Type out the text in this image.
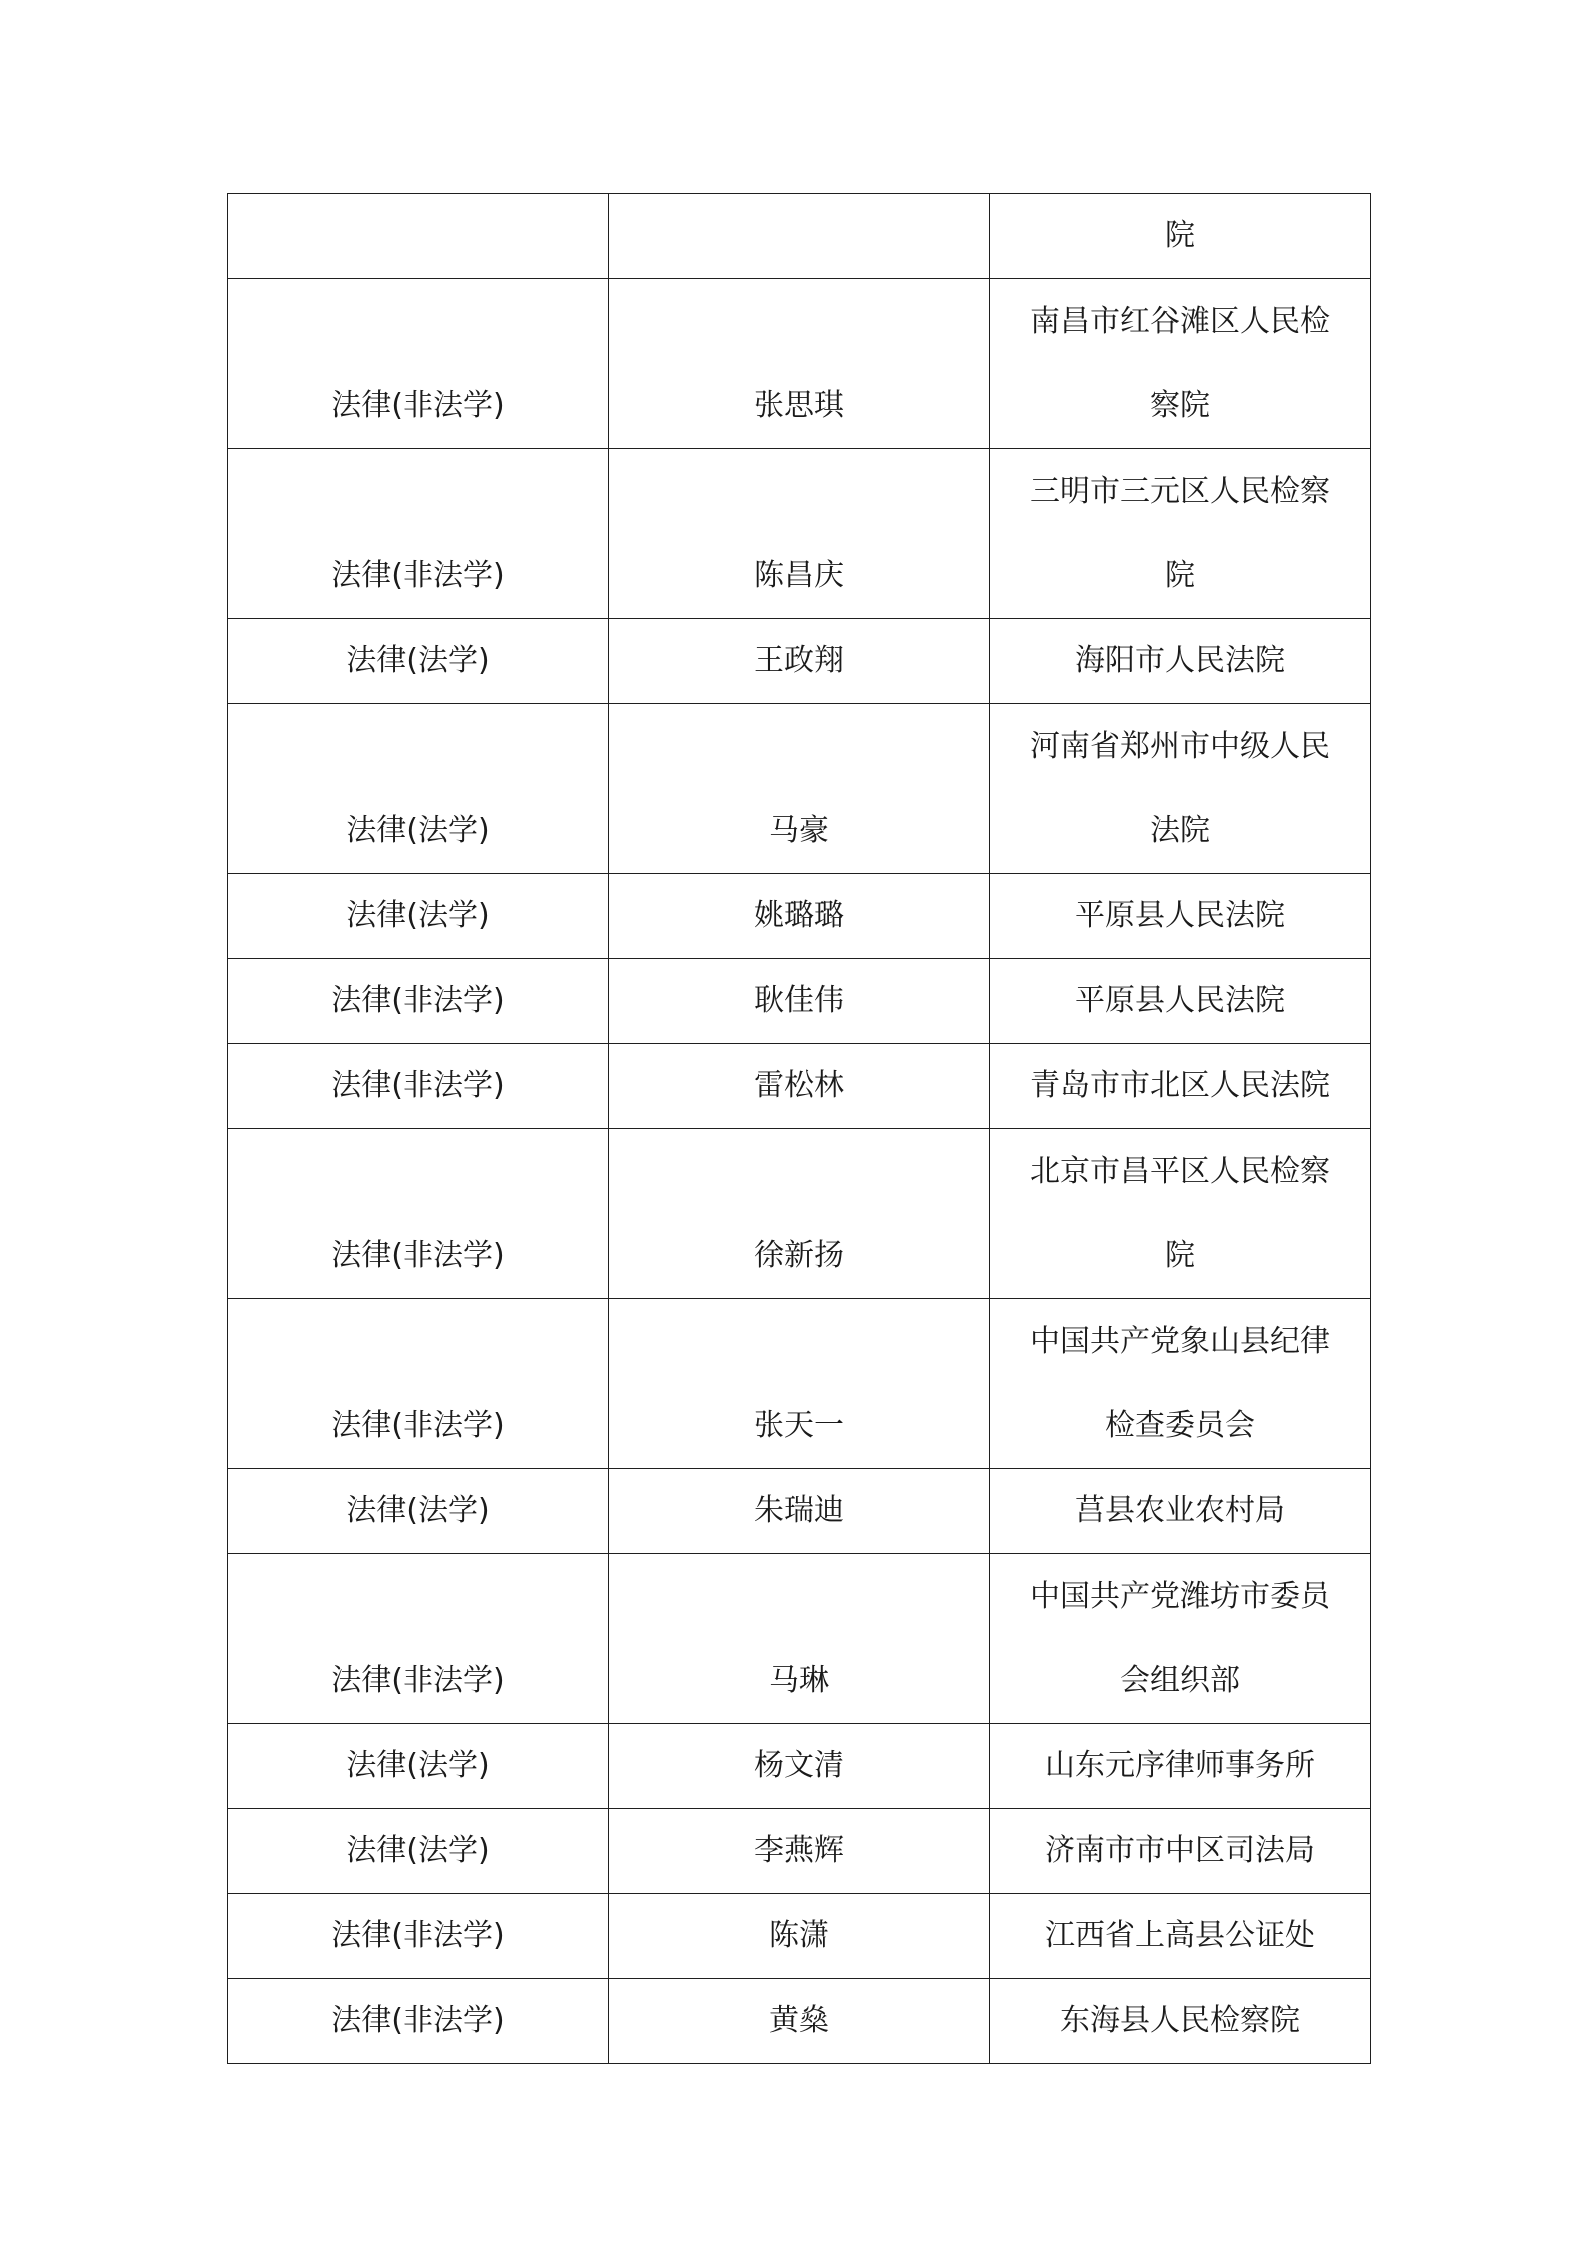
		院

法律(非法学)	张思琪	南昌市红谷滩区人民检
察院

法律(非法学)	陈昌庆	三明市三元区人民检察
院

法律(法学)	王政翔	海阳市人民法院

法律(法学)	马豪	河南省郑州市中级人民
法院

法律(法学)	姚璐璐	平原县人民法院

法律(非法学)	耿佳伟	平原县人民法院

法律(非法学)	雷松林	青岛市市北区人民法院

法律(非法学)	徐新扬	北京市昌平区人民检察
院

法律(非法学)	张天一	中国共产党象山县纪律
检查委员会

法律(法学)	朱瑞迪	莒县农业农村局

法律(非法学)	马琳	中国共产党潍坊市委员
会组织部

法律(法学)	杨文清	山东元序律师事务所

法律(法学)	李燕辉	济南市市中区司法局

法律(非法学)	陈潇	江西省上高县公证处

法律(非法学)	黄燊	东海县人民检察院
